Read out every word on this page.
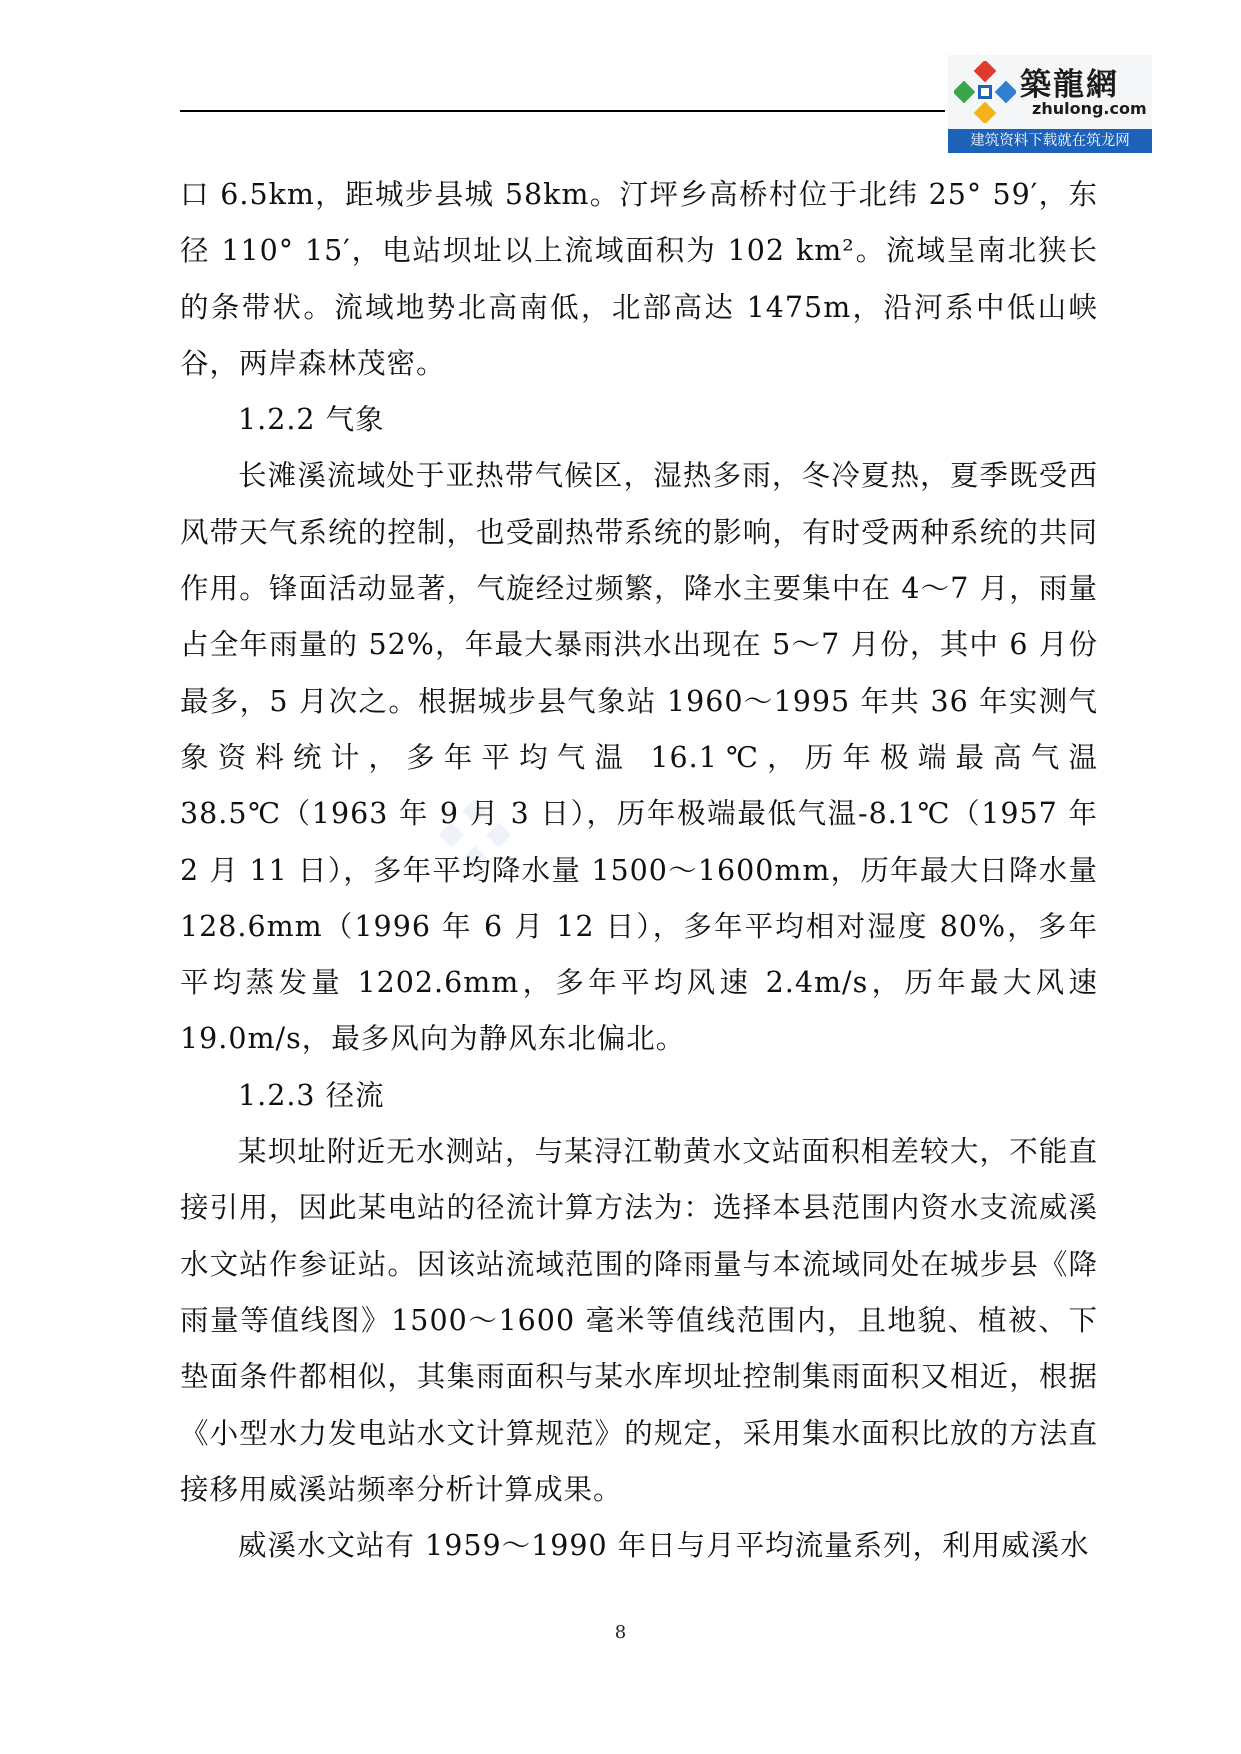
築龍網
zhulong.com
建筑资料下载就在筑龙网

口 6.5km，距城步县城 58km。汀坪乡高桥村位于北纬 25° 59′，东径 110° 15′，电站坝址以上流域面积为 102 km²。流域呈南北狭长的条带状。流域地势北高南低，北部高达 1475m，沿河系中低山峡谷，两岸森林茂密。

1.2.2 气象

长滩溪流域处于亚热带气候区，湿热多雨，冬冷夏热，夏季既受西风带天气系统的控制，也受副热带系统的影响，有时受两种系统的共同作用。锋面活动显著，气旋经过频繁，降水主要集中在 4～7 月，雨量占全年雨量的 52%，年最大暴雨洪水出现在 5～7 月份，其中 6 月份最多，5 月次之。根据城步县气象站 1960～1995 年共 36 年实测气象资料统计，多年平均气温 16.1℃，历年极端最高气温 38.5℃（1963 年 9 月 3 日），历年极端最低气温-8.1℃（1957 年 2 月 11 日），多年平均降水量 1500～1600mm，历年最大日降水量 128.6mm（1996 年 6 月 12 日），多年平均相对湿度 80%，多年平均蒸发量 1202.6mm，多年平均风速 2.4m/s，历年最大风速 19.0m/s，最多风向为静风东北偏北。

1.2.3 径流

某坝址附近无水测站，与某浔江勒黄水文站面积相差较大，不能直接引用，因此某电站的径流计算方法为：选择本县范围内资水支流威溪水文站作参证站。因该站流域范围的降雨量与本流域同处在城步县《降雨量等值线图》1500～1600 毫米等值线范围内，且地貌、植被、下垫面条件都相似，其集雨面积与某水库坝址控制集雨面积又相近，根据《小型水力发电站水文计算规范》的规定，采用集水面积比放的方法直接移用威溪站频率分析计算成果。

威溪水文站有 1959～1990 年日与月平均流量系列，利用威溪水

8
